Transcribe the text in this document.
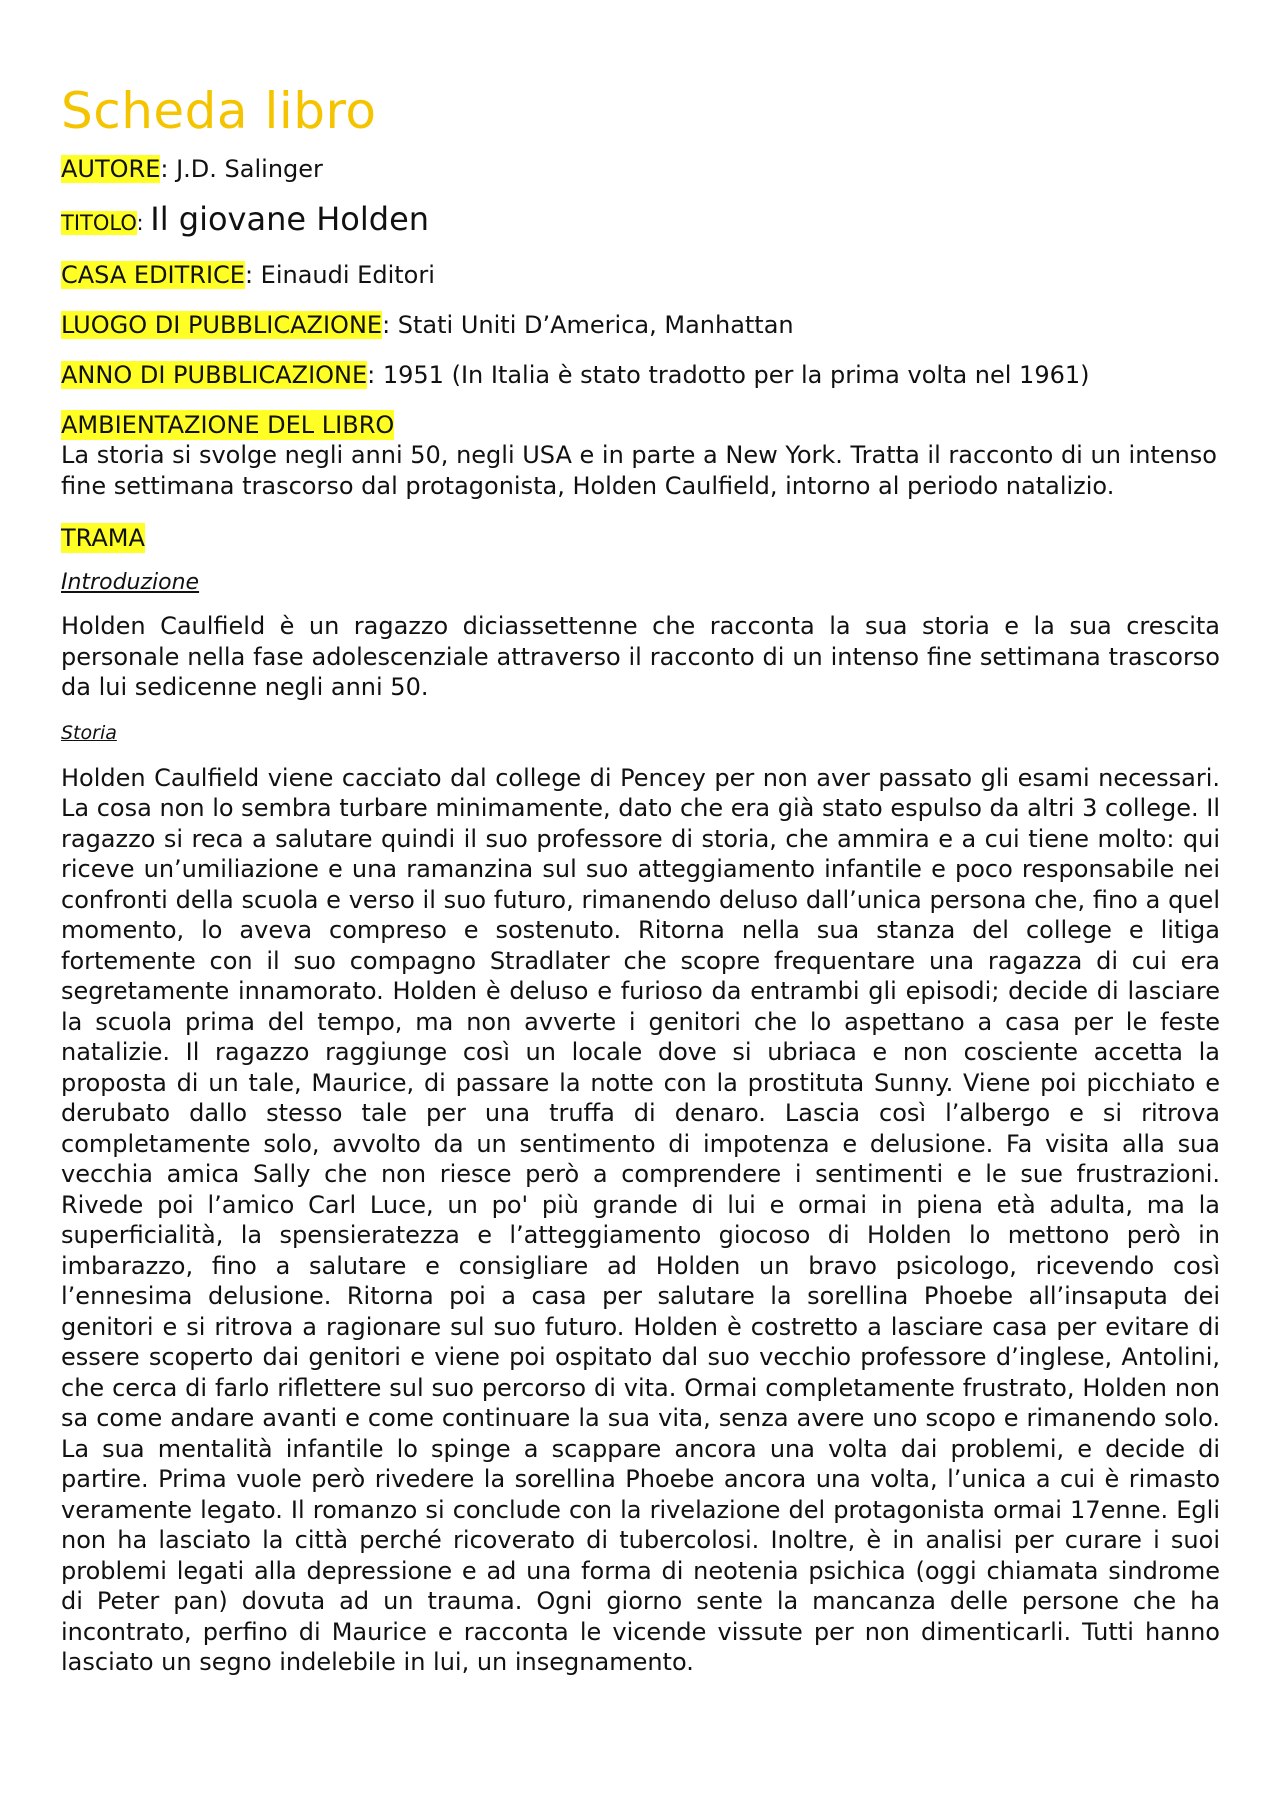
Scheda libro

AUTORE: J.D. Salinger

TITOLO: Il giovane Holden

CASA EDITRICE: Einaudi Editori

LUOGO DI PUBBLICAZIONE: Stati Uniti D’America, Manhattan

ANNO DI PUBBLICAZIONE: 1951 (In Italia è stato tradotto per la prima volta nel 1961)

AMBIENTAZIONE DEL LIBRO

La storia si svolge negli anni 50, negli USA e in parte a New York. Tratta il racconto di un intenso fine settimana trascorso dal protagonista, Holden Caulfield, intorno al periodo natalizio.

TRAMA

Introduzione

Holden Caulfield è un ragazzo diciassettenne che racconta la sua storia e la sua crescita personale nella fase adolescenziale attraverso il racconto di un intenso fine settimana trascorso da lui sedicenne negli anni 50.

Storia

Holden Caulfield viene cacciato dal college di Pencey per non aver passato gli esami necessari. La cosa non lo sembra turbare minimamente, dato che era già stato espulso da altri 3 college. Il ragazzo si reca a salutare quindi il suo professore di storia, che ammira e a cui tiene molto: qui riceve un’umiliazione e una ramanzina sul suo atteggiamento infantile e poco responsabile nei confronti della scuola e verso il suo futuro, rimanendo deluso dall’unica persona che, fino a quel momento, lo aveva compreso e sostenuto. Ritorna nella sua stanza del college e litiga fortemente con il suo compagno Stradlater che scopre frequentare una ragazza di cui era segretamente innamorato. Holden è deluso e furioso da entrambi gli episodi; decide di lasciare la scuola prima del tempo, ma non avverte i genitori che lo aspettano a casa per le feste natalizie. Il ragazzo raggiunge così un locale dove si ubriaca e non cosciente accetta la proposta di un tale, Maurice, di passare la notte con la prostituta Sunny. Viene poi picchiato e derubato dallo stesso tale per una truffa di denaro. Lascia così l’albergo e si ritrova completamente solo, avvolto da un sentimento di impotenza e delusione. Fa visita alla sua vecchia amica Sally che non riesce però a comprendere i sentimenti e le sue frustrazioni. Rivede poi l’amico Carl Luce, un po' più grande di lui e ormai in piena età adulta, ma la superficialità, la spensieratezza e l’atteggiamento giocoso di Holden lo mettono però in imbarazzo, fino a salutare e consigliare ad Holden un bravo psicologo, ricevendo così l’ennesima delusione. Ritorna poi a casa per salutare la sorellina Phoebe all’insaputa dei genitori e si ritrova a ragionare sul suo futuro. Holden è costretto a lasciare casa per evitare di essere scoperto dai genitori e viene poi ospitato dal suo vecchio professore d’inglese, Antolini, che cerca di farlo riflettere sul suo percorso di vita. Ormai completamente frustrato, Holden non sa come andare avanti e come continuare la sua vita, senza avere uno scopo e rimanendo solo. La sua mentalità infantile lo spinge a scappare ancora una volta dai problemi, e decide di partire. Prima vuole però rivedere la sorellina Phoebe ancora una volta, l’unica a cui è rimasto veramente legato. Il romanzo si conclude con la rivelazione del protagonista ormai 17enne. Egli non ha lasciato la città perché ricoverato di tubercolosi. Inoltre, è in analisi per curare i suoi problemi legati alla depressione e ad una forma di neotenia psichica (oggi chiamata sindrome di Peter pan) dovuta ad un trauma. Ogni giorno sente la mancanza delle persone che ha incontrato, perfino di Maurice e racconta le vicende vissute per non dimenticarli. Tutti hanno lasciato un segno indelebile in lui, un insegnamento.
